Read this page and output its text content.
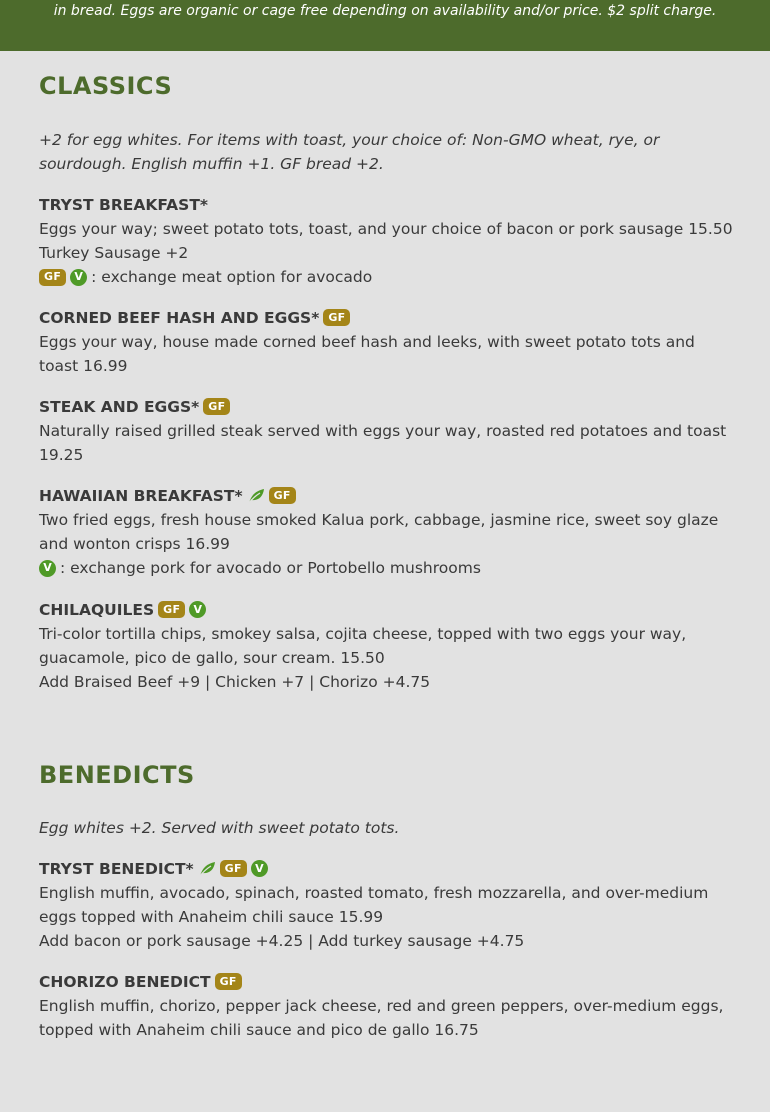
in bread. Eggs are organic or cage free depending on availability and/or price. $2 split charge.
CLASSICS
+2 for egg whites. For items with toast, your choice of: Non-GMO wheat, rye, or sourdough. English muffin +1. GF bread +2.
TRYST BREAKFAST*
Eggs your way; sweet potato tots, toast, and your choice of bacon or pork sausage 15.50
Turkey Sausage +2
GF	V : exchange meat option for avocado
CORNED BEEF HASH AND EGGS* GF
Eggs your way, house made corned beef hash and leeks, with sweet potato tots and toast 16.99
STEAK AND EGGS* GF
Naturally raised grilled steak served with eggs your way, roasted red potatoes and toast 19.25
HAWAIIAN BREAKFAST*	GF
Two fried eggs, fresh house smoked Kalua pork, cabbage, jasmine rice, sweet soy glaze and wonton crisps 16.99
V : exchange pork for avocado or Portobello mushrooms
CHILAQUILES GF	V
Tri-color tortilla chips, smokey salsa, cojita cheese, topped with two eggs your way, guacamole, pico de gallo, sour cream. 15.50
Add Braised Beef +9 | Chicken +7 | Chorizo +4.75
BENEDICTS
Egg whites +2. Served with sweet potato tots.
TRYST BENEDICT*	GF	V
English muffin, avocado, spinach, roasted tomato, fresh mozzarella, and over-medium eggs topped with Anaheim chili sauce 15.99
Add bacon or pork sausage +4.25 | Add turkey sausage +4.75
CHORIZO BENEDICT GF
English muffin, chorizo, pepper jack cheese, red and green peppers, over-medium eggs, topped with Anaheim chili sauce and pico de gallo 16.75
